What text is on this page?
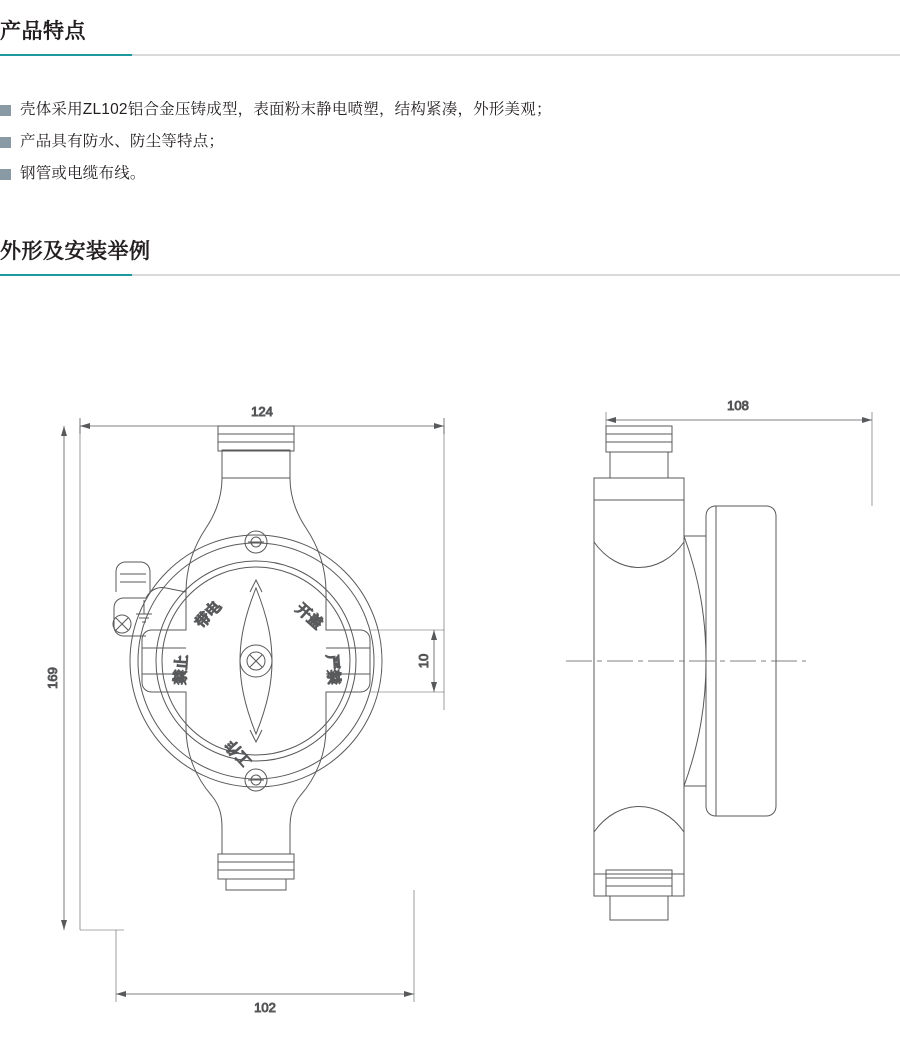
产品特点
壳体采用ZL102铝合金压铸成型，表面粉末静电喷塑，结构紧凑，外形美观；
产品具有防水、防尘等特点；
钢管或电缆布线。
外形及安装举例
124
169
102
10
带电	开盖
禁止	严禁
工作
108
